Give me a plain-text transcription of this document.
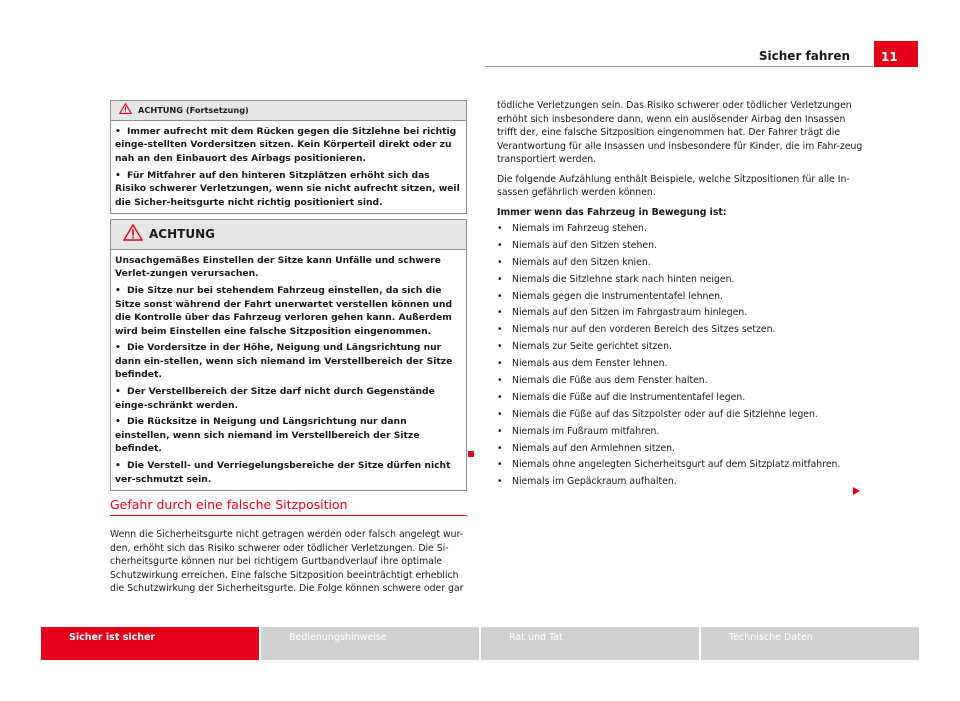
Sicher fahren	11
ACHTUNG (Fortsetzung)

• Immer aufrecht mit dem Rücken gegen die Sitzlehne bei richtig einge-stellten Vordersitzen sitzen. Kein Körperteil direkt oder zu nah an den Einbauort des Airbags positionieren.

• Für Mitfahrer auf den hinteren Sitzplätzen erhöht sich das Risiko schwerer Verletzungen, wenn sie nicht aufrecht sitzen, weil die Sicher-heitsgurte nicht richtig positioniert sind.

ACHTUNG

Unsachgemäßes Einstellen der Sitze kann Unfälle und schwere Verlet-zungen verursachen.

• Die Sitze nur bei stehendem Fahrzeug einstellen, da sich die Sitze sonst während der Fahrt unerwartet verstellen können und die Kontrolle über das Fahrzeug verloren gehen kann. Außerdem wird beim Einstellen eine falsche Sitzposition eingenommen.

• Die Vordersitze in der Höhe, Neigung und Längsrichtung nur dann ein-stellen, wenn sich niemand im Verstellbereich der Sitze befindet.

• Der Verstellbereich der Sitze darf nicht durch Gegenstände einge-schränkt werden.

• Die Rücksitze in Neigung und Längsrichtung nur dann einstellen, wenn sich niemand im Verstellbereich der Sitze befindet.

• Die Verstell- und Verriegelungsbereiche der Sitze dürfen nicht ver-schmutzt sein.

Gefahr durch eine falsche Sitzposition

Wenn die Sicherheitsgurte nicht getragen werden oder falsch angelegt wur-den, erhöht sich das Risiko schwerer oder tödlicher Verletzungen. Die Si-cherheitsgurte können nur bei richtigem Gurtbandverlauf ihre optimale Schutzwirkung erreichen. Eine falsche Sitzposition beeinträchtigt erheblich die Schutzwirkung der Sicherheitsgurte. Die Folge können schwere oder gar

tödliche Verletzungen sein. Das Risiko schwerer oder tödlicher Verletzungen erhöht sich insbesondere dann, wenn ein auslösender Airbag den Insassen trifft der, eine falsche Sitzposition eingenommen hat. Der Fahrer trägt die Verantwortung für alle Insassen und insbesondere für Kinder, die im Fahr-zeug transportiert werden.

Die folgende Aufzählung enthält Beispiele, welche Sitzpositionen für alle In-sassen gefährlich werden können.

Immer wenn das Fahrzeug in Bewegung ist:

• Niemals im Fahrzeug stehen.
• Niemals auf den Sitzen stehen.
• Niemals auf den Sitzen knien.
• Niemals die Sitzlehne stark nach hinten neigen.
• Niemals gegen die Instrumententafel lehnen.
• Niemals auf den Sitzen im Fahrgastraum hinlegen.
• Niemals nur auf den vorderen Bereich des Sitzes setzen.
• Niemals zur Seite gerichtet sitzen.
• Niemals aus dem Fenster lehnen.
• Niemals die Füße aus dem Fenster halten.
• Niemals die Füße auf die Instrumententafel legen.
• Niemals die Füße auf das Sitzpolster oder auf die Sitzlehne legen.
• Niemals im Fußraum mitfahren.
• Niemals auf den Armlehnen sitzen.
• Niemals ohne angelegten Sicherheitsgurt auf dem Sitzplatz mitfahren.
• Niemals im Gepäckraum aufhalten.
Sicher ist sicher	Bedienungshinweise	Rat und Tat	Technische Daten
